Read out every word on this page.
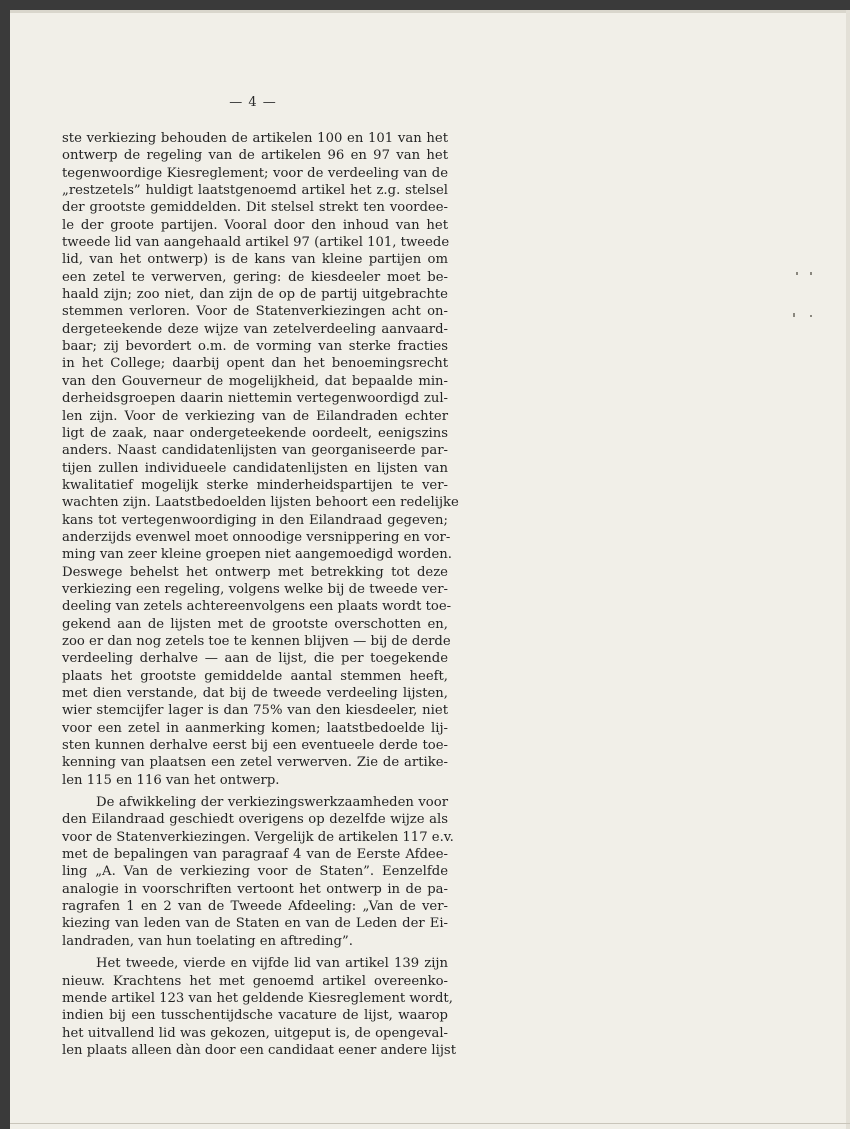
— 4 —
ste verkiezing behouden de artikelen 100 en 101 van het
ontwerp de regeling van de artikelen 96 en 97 van het
tegenwoordige Kiesreglement; voor de verdeeling van de
„restzetels” huldigt laatstgenoemd artikel het z.g. stelsel
der grootste gemiddelden. Dit stelsel strekt ten voordee-
le der groote partijen. Vooral door den inhoud van het
tweede lid van aangehaald artikel 97 (artikel 101, tweede
lid, van het ontwerp) is de kans van kleine partijen om
een zetel te verwerven, gering: de kiesdeeler moet be-
haald zijn; zoo niet, dan zijn de op de partij uitgebrachte
stemmen verloren. Voor de Statenverkiezingen acht on-
dergeteekende deze wijze van zetelverdeeling aanvaard-
baar; zij bevordert o.m. de vorming van sterke fracties
in het College; daarbij opent dan het benoemingsrecht
van den Gouverneur de mogelijkheid, dat bepaalde min-
derheidsgroepen daarin niettemin vertegenwoordigd zul-
len zijn. Voor de verkiezing van de Eilandraden echter
ligt de zaak, naar ondergeteekende oordeelt, eenigszins
anders. Naast candidatenlijsten van georganiseerde par-
tijen zullen individueele candidatenlijsten en lijsten van
kwalitatief mogelijk sterke minderheidspartijen te ver-
wachten zijn. Laatstbedoelden lijsten behoort een redelijke
kans tot vertegenwoordiging in den Eilandraad gegeven;
anderzijds evenwel moet onnoodige versnippering en vor-
ming van zeer kleine groepen niet aangemoedigd worden.
Deswege behelst het ontwerp met betrekking tot deze
verkiezing een regeling, volgens welke bij de tweede ver-
deeling van zetels achtereenvolgens een plaats wordt toe-
gekend aan de lijsten met de grootste overschotten en,
zoo er dan nog zetels toe te kennen blijven — bij de derde
verdeeling derhalve — aan de lijst, die per toegekende
plaats het grootste gemiddelde aantal stemmen heeft,
met dien verstande, dat bij de tweede verdeeling lijsten,
wier stemcijfer lager is dan 75% van den kiesdeeler, niet
voor een zetel in aanmerking komen; laatstbedoelde lij-
sten kunnen derhalve eerst bij een eventueele derde toe-
kenning van plaatsen een zetel verwerven. Zie de artike-
len 115 en 116 van het ontwerp.
De afwikkeling der verkiezingswerkzaamheden voor
den Eilandraad geschiedt overigens op dezelfde wijze als
voor de Statenverkiezingen. Vergelijk de artikelen 117 e.v.
met de bepalingen van paragraaf 4 van de Eerste Afdee-
ling „A. Van de verkiezing voor de Staten”. Eenzelfde
analogie in voorschriften vertoont het ontwerp in de pa-
ragrafen 1 en 2 van de Tweede Afdeeling: „Van de ver-
kiezing van leden van de Staten en van de Leden der Ei-
landraden, van hun toelating en aftreding”.
Het tweede, vierde en vijfde lid van artikel 139 zijn
nieuw. Krachtens het met genoemd artikel overeenko-
mende artikel 123 van het geldende Kiesreglement wordt,
indien bij een tusschentijdsche vacature de lijst, waarop
het uitvallend lid was gekozen, uitgeput is, de opengeval-
len plaats alleen dàn door een candidaat eener andere lijst
